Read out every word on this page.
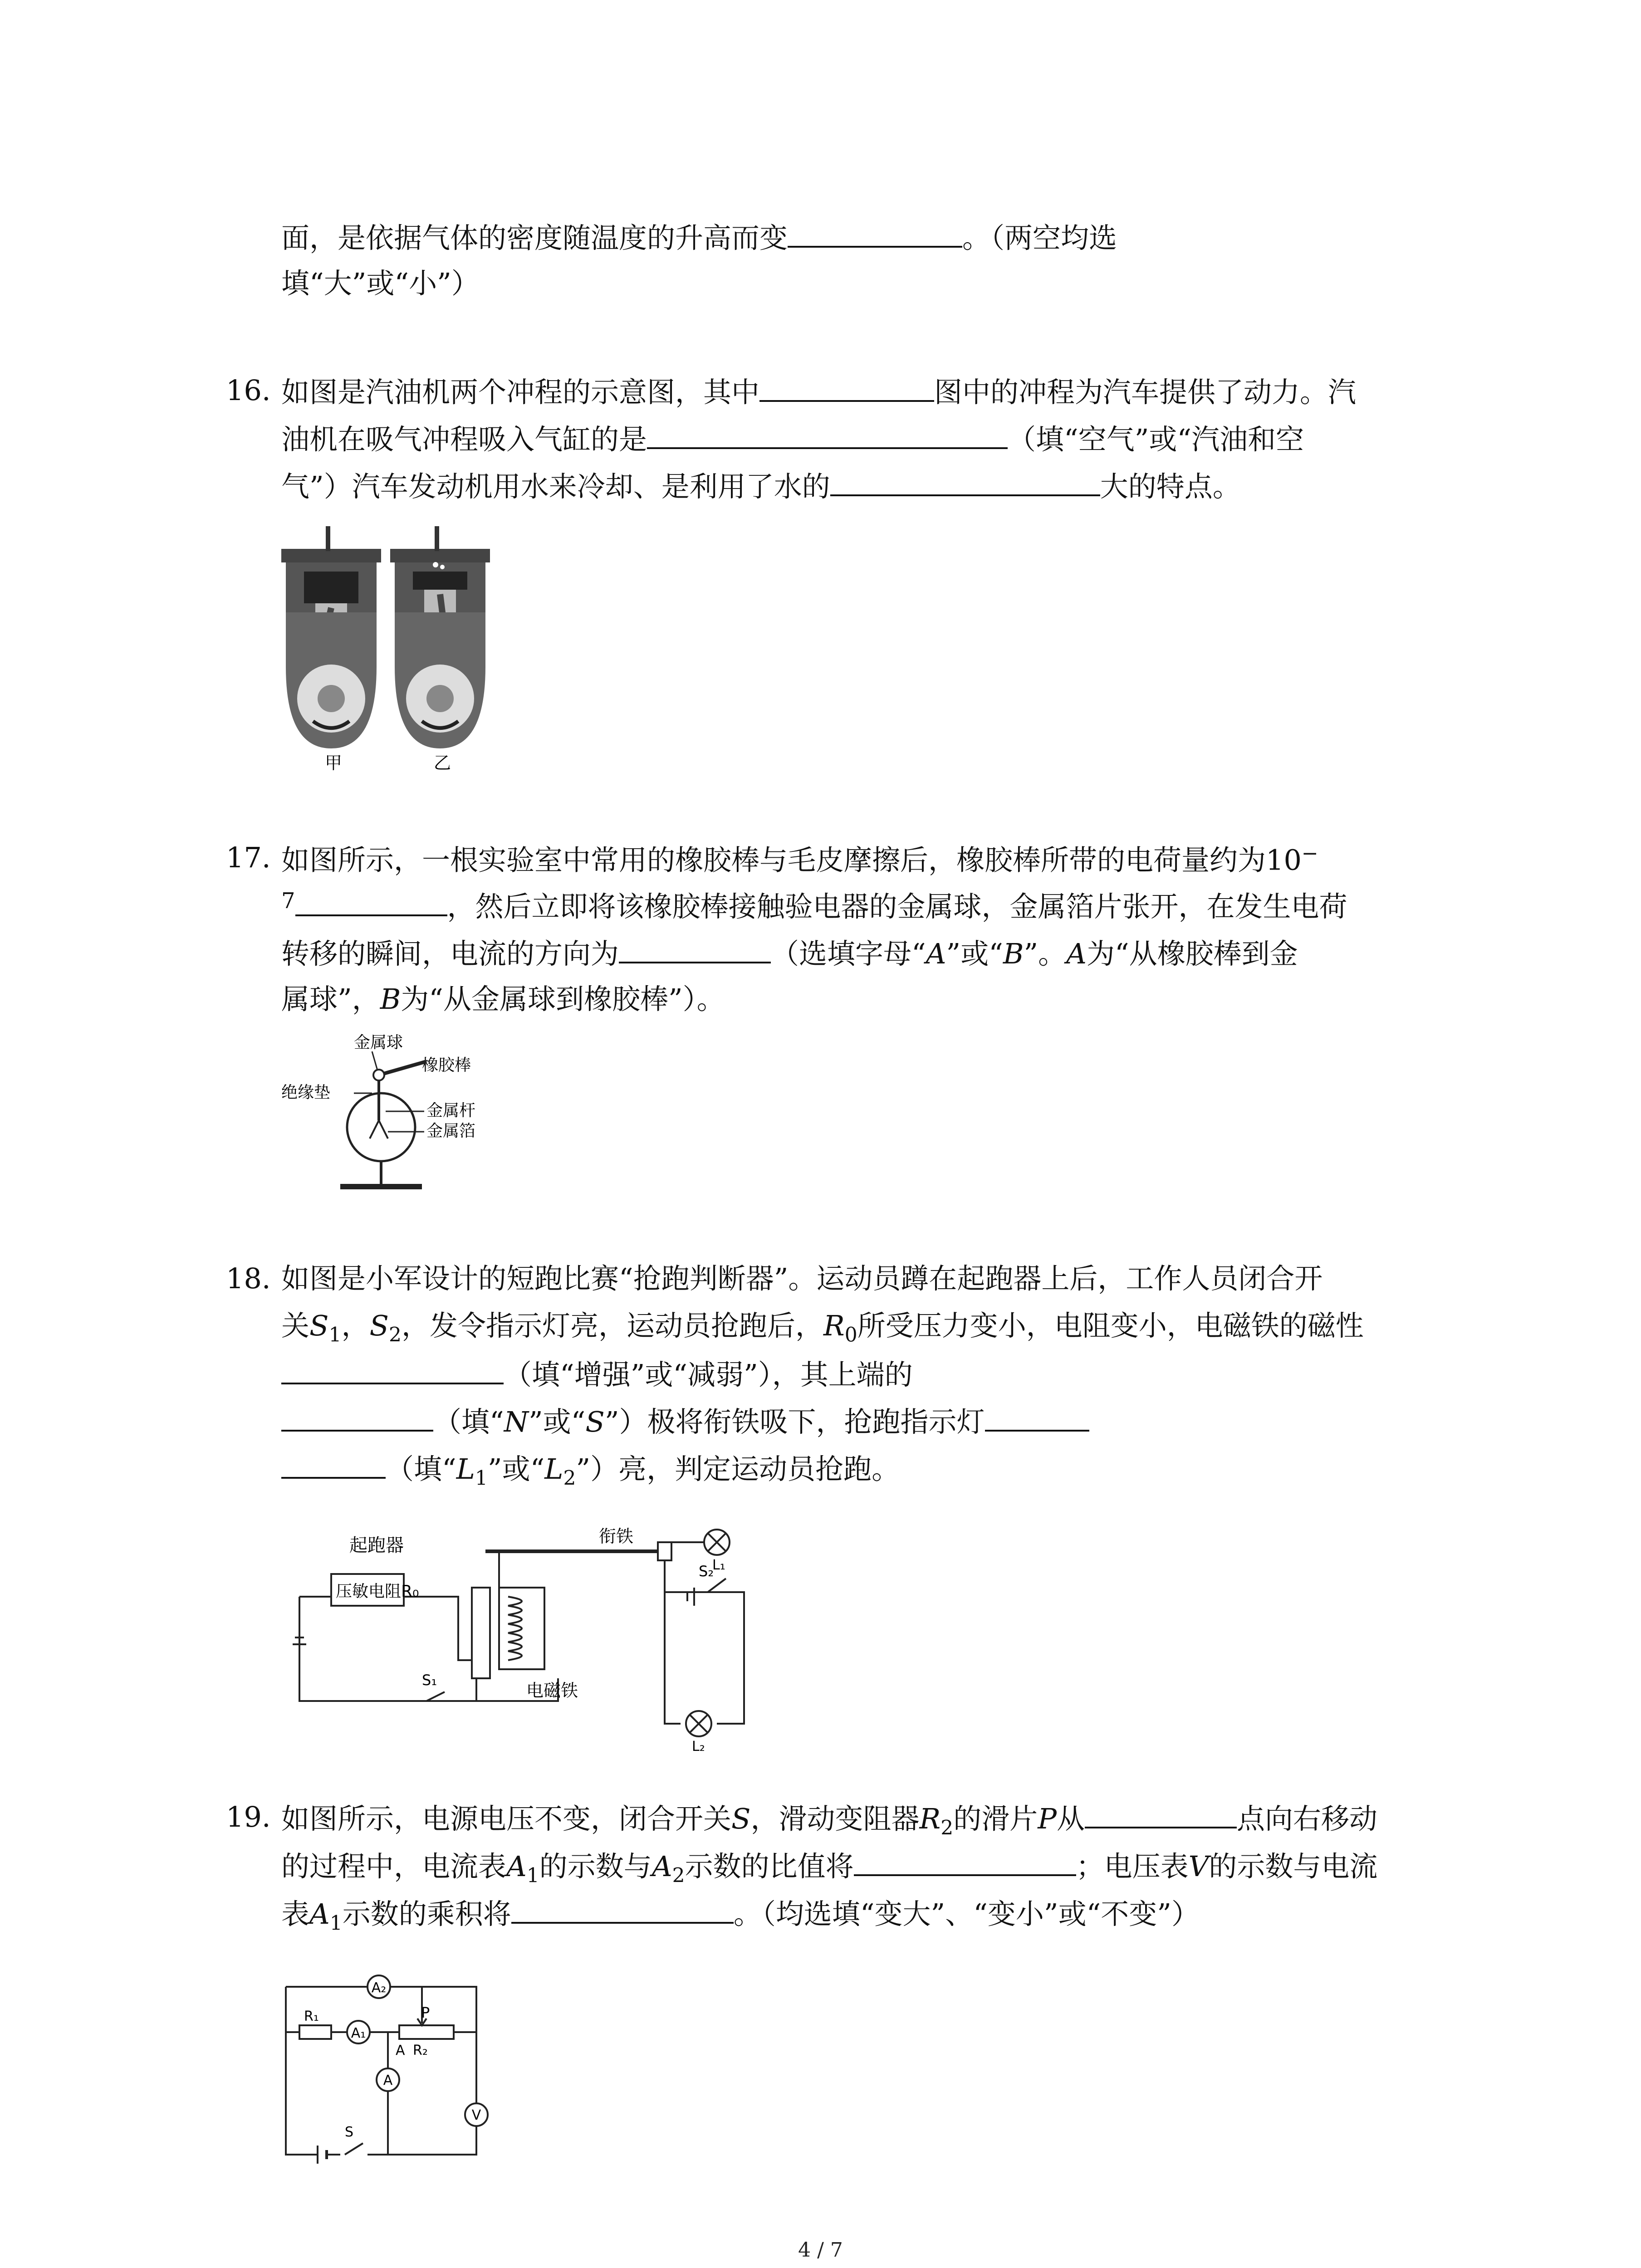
面，是依据气体的密度随温度的升高而变	。（两空均选
填“大”或“小”）
16. 如图是汽油机两个冲程的示意图，其中	图中的冲程为汽车提供了动力。汽
油机在吸气冲程吸入气缸的是	（填“空气”或“汽油和空
气”）汽车发动机用水来冷却、是利用了水的	大的特点。
甲	乙
17. 如图所示，一根实验室中常用的橡胶棒与毛皮摩擦后，橡胶棒所带的电荷量约为10−
$^7$	，然后立即将该橡胶棒接触验电器的金属球，金属箔片张开，在发生电荷
转移的瞬间，电流的方向为	（选填字母“A”或“B”。A为“从橡胶棒到金
属球”，B为“从金属球到橡胶棒”）。
金属球
橡胶棒
绝缘垫
金属杆
金属箔
18. 如图是小军设计的短跑比赛“抢跑判断器”。运动员蹲在起跑器上后，工作人员闭合开
关$S_1$，$S_2$，发令指示灯亮，运动员抢跑后，$R_0$所受压力变小，电阻变小，电磁铁的磁性
（填“增强”或“减弱”），其上端的
（填“N”或“S”）极将衔铁吸下，抢跑指示灯
（填“$L_1$”或“$L_2$”）亮，判定运动员抢跑。
起跑器	衔铁
压敏电阻R₀
电磁铁
S₁
S₂
L₁
L₂
19. 如图所示，电源电压不变，闭合开关S，滑动变阻器$R_2$的滑片P从	点向右移动
的过程中，电流表$A_1$的示数与$A_2$示数的比值将	；电压表V的示数与电流
表$A_1$示数的乘积将	。（均选填“变大”、“变小”或“不变”）
A₂
R₁
A₁
P
A R₂
A
V
S
4 / 7
